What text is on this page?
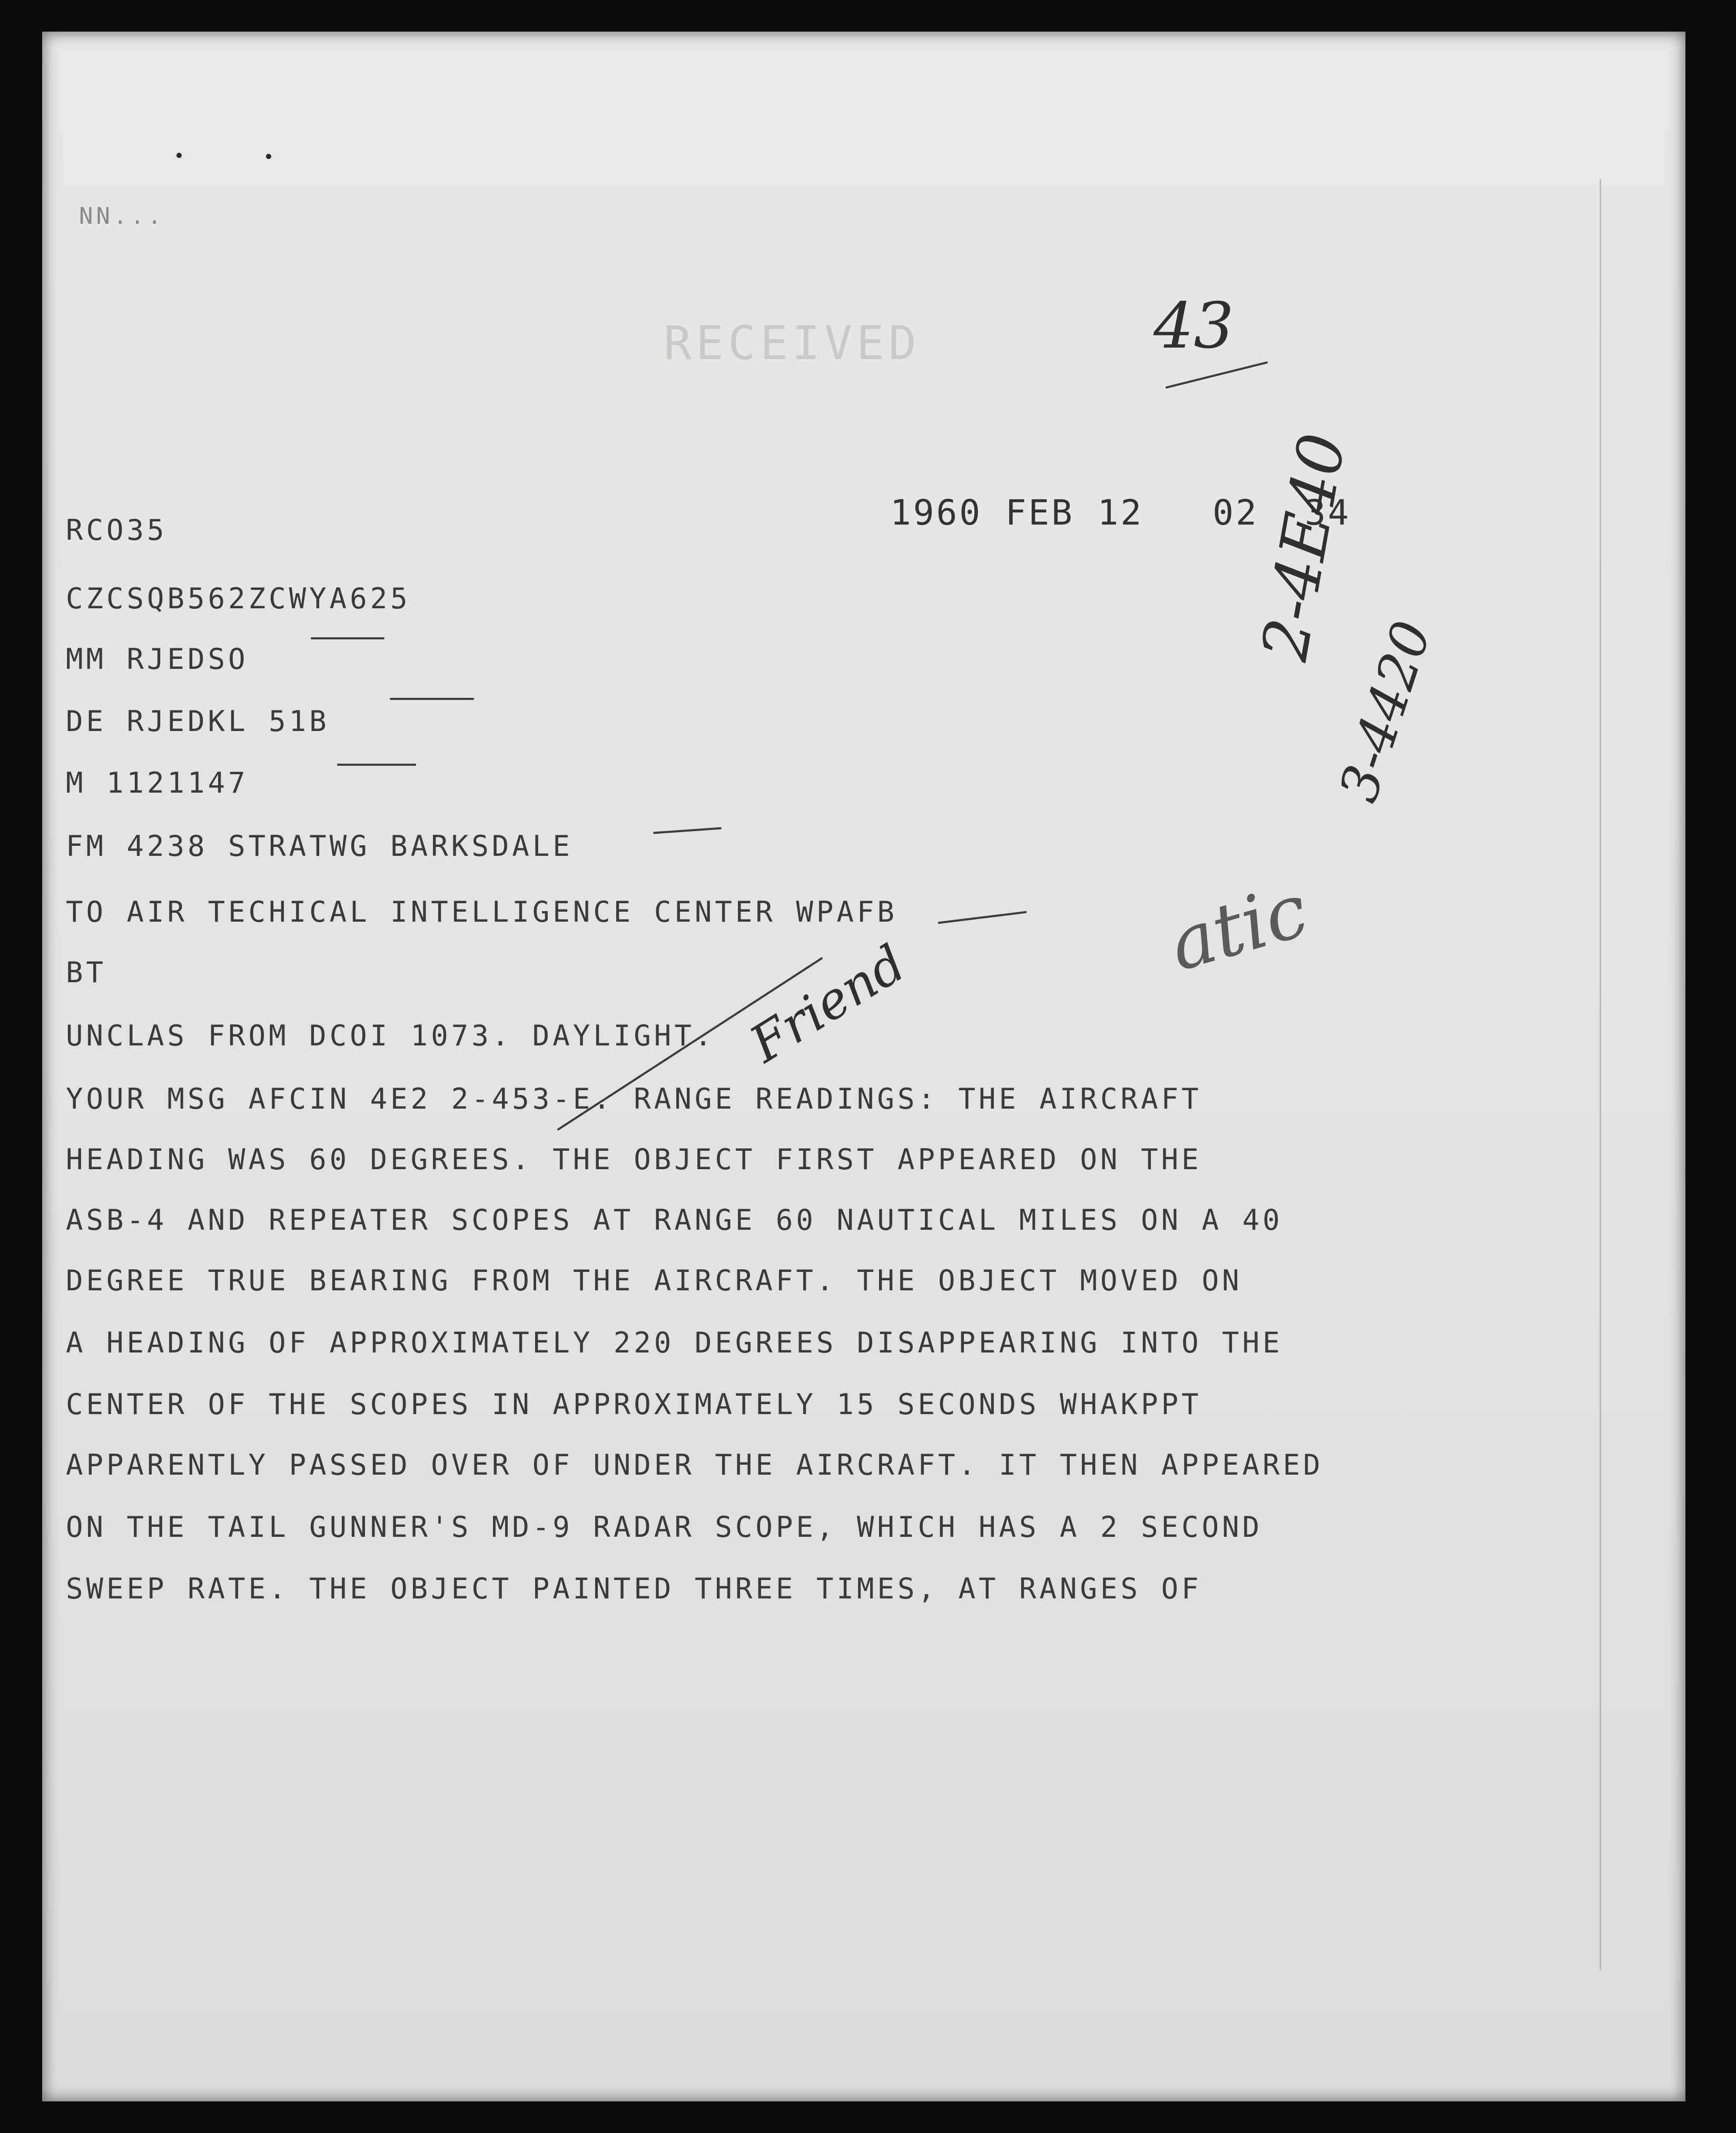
NN...
RECEIVED	43
1960 FEB 12   02  34
2-4E40
3-4420
atic
Friend
RCO35
CZCSQB562ZCWYA625
MM RJEDSO
DE RJEDKL 51B
M 1121147
FM 4238 STRATWG BARKSDALE
TO AIR TECHICAL INTELLIGENCE CENTER WPAFB
BT
UNCLAS FROM DCOI 1073. DAYLIGHT.
YOUR MSG AFCIN 4E2 2-453-E. RANGE READINGS: THE AIRCRAFT
HEADING WAS 60 DEGREES. THE OBJECT FIRST APPEARED ON THE
ASB-4 AND REPEATER SCOPES AT RANGE 60 NAUTICAL MILES ON A 40
DEGREE TRUE BEARING FROM THE AIRCRAFT. THE OBJECT MOVED ON
A HEADING OF APPROXIMATELY 220 DEGREES DISAPPEARING INTO THE
CENTER OF THE SCOPES IN APPROXIMATELY 15 SECONDS WHAKPPT
APPARENTLY PASSED OVER OF UNDER THE AIRCRAFT. IT THEN APPEARED
ON THE TAIL GUNNER'S MD-9 RADAR SCOPE, WHICH HAS A 2 SECOND
SWEEP RATE. THE OBJECT PAINTED THREE TIMES, AT RANGES OF
